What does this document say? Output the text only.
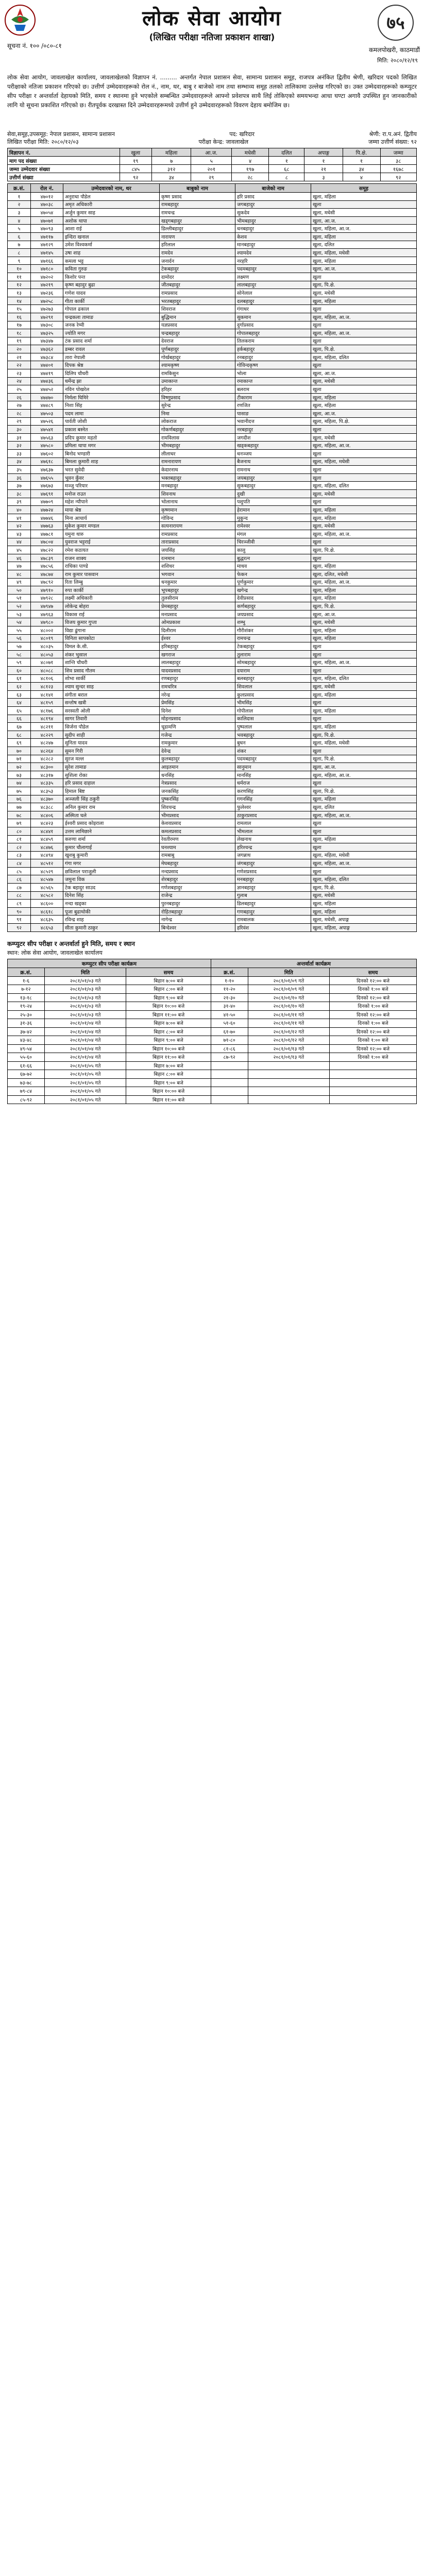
लोक सेवा आयोग
(लिखित परीक्षा नतिजा प्रकाशन शाखा)
सूचना नं. १०० /०८०-८१
७५
कमलपोखरी, काठमाडौं
मिति: २०८०/१२/१९
लोक सेवा आयोग, जावलाखेल कार्यालय, जावलाखेलको विज्ञापन नं. ......... अन्तर्गत नेपाल प्रशासन सेवा, सामान्य प्रशासन समूह, राजपत्र अनंकित द्वितीय श्रेणी, खरिदार पदको लिखित परीक्षाको नतिजा प्रकाशन गरिएको छ। उत्तीर्ण उम्मेदवारहरूको रोल नं., नाम, थर, बाबु र बाजेको नाम तथा सम्भाव्य समूह तलको तालिकामा उल्लेख गरिएको छ। उक्त उम्मेदवारहरूको कम्प्युटर सीप परीक्षा र अन्तर्वार्ता देहायको मिति, समय र स्थानमा हुने भएकोले सम्बन्धित उम्मेदवारहरूले आफ्नो प्रवेशपत्र साथै लिई तोकिएको समयभन्दा आधा घण्टा अगावै उपस्थित हुन जानकारीको लागि यो सूचना प्रकाशित गरिएको छ। रीतपूर्वक दरखास्त दिने उम्मेदवारहरूमध्ये उत्तीर्ण हुने उम्मेदवारहरूको विवरण देहाय बमोजिम छ।
सेवा,समूह,उपसमूह: नेपाल प्रशासन, सामान्य प्रशासन	पद: खरिदार	श्रेणी: रा.प.अनं. द्वितीय
लिखित परीक्षा मिति: २०८०/१२/०३	परीक्षा केन्द्र: जावलाखेल	जम्मा उत्तीर्ण संख्या: ९२
विज्ञापन नं.	खुला	महिला	आ.ज.	मधेसी	दलित	अपाङ्ग	पि.क्षे.	जम्मा
माग पद संख्या	१९	७	५	४	१	१	१	३८
जम्मा उम्मेदवार संख्या	८४५	३१२	२०१	१९७	६८	२१	३४	१६७८
उत्तीर्ण संख्या	९२	३४	२९	२८	८	३	४	९२
क्र.सं.	रोल नं.	उम्मेदवारको नाम, थर	बाबुको नाम	बाजेको नाम	समूह
१	४७०१२	अनुराधा पौडेल	कृष्ण प्रसाद	हरि प्रसाद	खुला, महिला
२	४७०३८	अमृत अधिकारी	रामबहादुर	जगबहादुर	खुला
३	४७०५४	अर्जुन कुमार साह	रामचन्द्र	सुकदेव	खुला, मधेसी
४	४७०७१	अशोक थापा	खड्गबहादुर	भीमबहादुर	खुला, आ.ज.
५	४७०९३	आशा राई	डिल्लीबहादुर	धनबहादुर	खुला, महिला, आ.ज.
६	४७११७	इन्दिरा खनाल	नारायण	केशव	खुला, महिला
७	४७१२९	उमेश विश्वकर्मा	हरिलाल	मानबहादुर	खुला, दलित
८	४७१४५	उषा शाह	रामदेव	श्यामदेव	खुला, महिला, मधेसी
९	४७१६६	कमला भट्ट	जनार्दन	नरहरि	खुला, महिला
१०	४७१८०	कविता गुरुङ	टेकबहादुर	पदमबहादुर	खुला, आ.ज.
११	४७२०२	किशोर पन्त	दामोदर	लक्ष्मण	खुला
१२	४७२१९	कृष्ण बहादुर बुढा	जीतबहादुर	लालबहादुर	खुला, पि.क्षे.
१३	४७२३६	गणेश यादव	रामप्रसाद	सोनेलाल	खुला, मधेसी
१४	४७२५८	गीता कार्की	भरतबहादुर	दलबहादुर	खुला, महिला
१५	४७२७३	गोपाल ढकाल	शिवराज	गंगाधर	खुला
१६	४७२९१	चन्द्रकला तामाङ	बुद्धिमान	सुकमान	खुला, महिला, आ.ज.
१७	४७३०८	जनक रेग्मी	यज्ञप्रसाद	दुर्गाप्रसाद	खुला
१८	४७३२५	ज्योति मगर	चन्द्रबहादुर	गोपालबहादुर	खुला, महिला, आ.ज.
१९	४७३४७	टंक प्रसाद शर्मा	देवराज	तिलकराम	खुला
२०	४७३६२	डम्बर रावल	पूर्णबहादुर	हर्कबहादुर	खुला, पि.क्षे.
२१	४७३८४	तारा नेपाली	गोर्खबहादुर	रनबहादुर	खुला, महिला, दलित
२२	४७४०१	दिपक श्रेष्ठ	श्यामकृष्ण	गोविन्दकृष्ण	खुला
२३	४७४१९	दिलिप चौधरी	रामकिसुन	भोला	खुला, आ.ज.
२४	४७४३६	धर्मेन्द्र झा	उमाकान्त	रमाकान्त	खुला, मधेसी
२५	४७४५२	नविन पोखरेल	हरिहर	बलराम	खुला
२६	४७४७०	निर्मला घिमिरे	विष्णुप्रसाद	टीकाराम	खुला, महिला
२७	४७४८९	निशा सिंह	सुरेन्द्र	रणजित	खुला, महिला
२८	४७५०३	पदम लामा	निमा	पासाङ	खुला, आ.ज.
२९	४७५२६	पार्वती जोशी	लोकराज	भवानीदत्त	खुला, महिला, पि.क्षे.
३०	४७५४१	प्रकाश बस्नेत	गोकर्णबहादुर	नरबहादुर	खुला
३१	४७५६३	प्रदिप कुमार महतो	रामविलास	जगदीश	खुला, मधेसी
३२	४७५८०	प्रमिला थापा मगर	भीमबहादुर	खड्कबहादुर	खुला, महिला, आ.ज.
३३	४७६०२	बिनोद भण्डारी	लीलाधर	धनञ्जय	खुला
३४	४७६१८	बिमला कुमारी शाह	रामनारायण	बैजनाथ	खुला, महिला, मधेसी
३५	४७६३७	भरत सुवेदी	केदारनाथ	रामनाथ	खुला
३६	४७६५५	भुवन कुँवर	भक्तबहादुर	जयबहादुर	खुला
३७	४७६७३	मञ्जु परियार	मनबहादुर	सुकबहादुर	खुला, महिला, दलित
३८	४७६९१	मनोज राउत	शिवनाथ	दुखी	खुला, मधेसी
३९	४७७०९	महेश न्यौपाने	भोलानाथ	पशुपति	खुला
४०	४७७२४	माया श्रेष्ठ	कृष्णमान	हेरामान	खुला, महिला
४१	४७७४६	मिना आचार्य	गोविन्द	मुकुन्द	खुला, महिला
४२	४७७६३	मुकेश कुमार मण्डल	सत्यनारायण	रामेश्वर	खुला, मधेसी
४३	४७७८१	यमुना थारु	रामप्रसाद	मंगल	खुला, महिला, आ.ज.
४४	४७८०४	युवराज भट्टराई	ताराप्रसाद	चिरञ्जीवी	खुला
४५	४७८२२	रमेश कठायत	जयसिंह	कालु	खुला, पि.क्षे.
४६	४७८३९	राजन शाक्य	रत्नमान	बुद्धरत्न	खुला
४७	४७८५६	राधिका पाण्डे	शशिधर	माधव	खुला, महिला
४८	४७८७४	राम कुमार पासवान	भगवान	फेकन	खुला, दलित, मधेसी
४९	४७८९२	रिता लिम्बु	धनकुमार	पूर्णकुमार	खुला, महिला, आ.ज.
५०	४७९१०	रुपा कार्की	भूपबहादुर	खगेन्द्र	खुला, महिला
५१	४७९२८	लक्ष्मी अधिकारी	तुलसीराम	देवीप्रसाद	खुला, महिला
५२	४७९४७	लोकेन्द्र बोहरा	प्रेमबहादुर	कर्णबहादुर	खुला, पि.क्षे.
५३	४७९६३	विकास राई	मनप्रसाद	जयप्रसाद	खुला, आ.ज.
५४	४७९८०	विजय कुमार गुप्ता	ओमप्रकाश	शम्भु	खुला, मधेसी
५५	४८००२	विद्या ढुंगाना	दिलीराम	गौरीशंकर	खुला, महिला
५६	४८०१९	विनिता सापकोटा	ईश्वर	रामचन्द्र	खुला, महिला
५७	४८०३५	विमल के.सी.	हरिबहादुर	टेकबहादुर	खुला
५८	४८०५३	शंकर भुसाल	खगराज	तुलाराम	खुला
५९	४८०७१	शान्ति चौधरी	लालबहादुर	सोमबहादुर	खुला, महिला, आ.ज.
६०	४८०८८	शिव प्रसाद गौतम	यादवप्रसाद	दयाराम	खुला
६१	४८१०६	शोभा सार्की	रणबहादुर	बलबहादुर	खुला, महिला, दलित
६२	४८१२३	श्याम सुन्दर साह	रामचरित्र	शिवलाल	खुला, मधेसी
६३	४८१४१	संगीता बराल	नरेन्द्र	कुलप्रसाद	खुला, महिला
६४	४८१५९	सन्तोष खत्री	प्रेमसिंह	भीमसिंह	खुला
६५	४८१७६	सरस्वती ओली	दिनेश	गोपीलाल	खुला, महिला
६६	४८१९४	सागर तिवारी	मोहनप्रसाद	कालिदास	खुला
६७	४८२११	सिर्जना पौडेल	चूडामणि	पुष्पलाल	खुला, महिला
६८	४८२२९	सुदीप शाही	गजेन्द्र	भवबहादुर	खुला, पि.क्षे.
६९	४८२४७	सुनिता यादव	रामकुमार	बुधन	खुला, महिला, मधेसी
७०	४८२६४	सुमन गिरी	देवेन्द्र	शंकर	खुला
७१	४८२८२	सुरज मल्ल	कुलबहादुर	पदमबहादुर	खुला, पि.क्षे.
७२	४८३००	सुरेश तामाङ	आइतमान	सानुमान	खुला, आ.ज.
७३	४८३१७	सुशिला रोका	धनसिंह	मानसिंह	खुला, महिला, आ.ज.
७४	४८३३५	हरि प्रसाद दाहाल	नेत्रप्रसाद	धर्मराज	खुला
७५	४८३५३	हिमाल बिष्ट	जनकसिंह	करणसिंह	खुला, पि.क्षे.
७६	४८३७०	अञ्जली सिंह ठकुरी	पुष्करसिंह	गगनसिंह	खुला, महिला
७७	४८३८८	अनिल कुमार राम	शिवचन्द्र	फुलेश्वर	खुला, दलित
७८	४८४०६	अस्मिता घले	भीमप्रसाद	ठाकुरप्रसाद	खुला, महिला, आ.ज.
७९	४८४२३	ईश्वरी प्रसाद कोइराला	केशवप्रसाद	रामलाल	खुला
८०	४८४४१	उत्तम लामिछाने	कमलप्रसाद	भीमलाल	खुला
८१	४८४५९	करुणा शर्मा	रेवतीरमण	लेखनाथ	खुला, महिला
८२	४८४७६	कुमार चौलागाईं	घनश्याम	हरिश्चन्द्र	खुला
८३	४८४९४	खुशबु कुमारी	रामबाबु	जगन्नाथ	खुला, महिला, मधेसी
८४	४८५१२	गंगा मगर	मेघबहादुर	जंगबहादुर	खुला, महिला, आ.ज.
८५	४८५२९	छविलाल पराजुली	नन्दप्रसाद	गणेशप्रसाद	खुला
८६	४८५४७	जमुना विक	शेरबहादुर	मनबहादुर	खुला, महिला, दलित
८७	४८५६५	टेक बहादुर साउद	गणेशबहादुर	ज्ञानबहादुर	खुला, पि.क्षे.
८८	४८५८२	दिनेश सिंह	राजेन्द्र	गुलाब	खुला, मधेसी
८९	४८६००	नन्दा खड्का	पुरनबहादुर	डिलबहादुर	खुला, महिला
९०	४८६१८	पूजा बुढाथोकी	रोहितबहादुर	गणबहादुर	खुला, महिला
९१	४८६३५	रविन्द्र शाह	नागेन्द्र	रामबालक	खुला, मधेसी, अपाङ्ग
९२	४८६५३	सीता कुमारी ठाकुर	बिन्देश्वर	हरिवंश	खुला, महिला, अपाङ्ग
कम्प्युटर सीप परीक्षा र अन्तर्वार्ता हुने मिति, समय र स्थान
स्थान: लोक सेवा आयोग, जावलाखेल कार्यालय
कम्प्युटर सीप परीक्षा कार्यक्रम			अन्तर्वार्ता कार्यक्रम		
क्र.सं.	मिति	समय	क्र.सं.	मिति	समय
१-६	२०८१/०१/०३ गते	बिहान ७:०० बजे	१-१०	२०८१/०१/०९ गते	दिनको १२:०० बजे
७-१२	२०८१/०१/०३ गते	बिहान ८:०० बजे	११-२०	२०८१/०१/०९ गते	दिनको १:०० बजे
१३-१८	२०८१/०१/०३ गते	बिहान ९:०० बजे	२१-३०	२०८१/०१/१० गते	दिनको १२:०० बजे
१९-२४	२०८१/०१/०३ गते	बिहान १०:०० बजे	३१-४०	२०८१/०१/१० गते	दिनको १:०० बजे
२५-३०	२०८१/०१/०३ गते	बिहान ११:०० बजे	४१-५०	२०८१/०१/११ गते	दिनको १२:०० बजे
३१-३६	२०८१/०१/०४ गते	बिहान ७:०० बजे	५१-६०	२०८१/०१/११ गते	दिनको १:०० बजे
३७-४२	२०८१/०१/०४ गते	बिहान ८:०० बजे	६१-७०	२०८१/०१/१२ गते	दिनको १२:०० बजे
४३-४८	२०८१/०१/०४ गते	बिहान ९:०० बजे	७१-८०	२०८१/०१/१२ गते	दिनको १:०० बजे
४९-५४	२०८१/०१/०४ गते	बिहान १०:०० बजे	८१-८६	२०८१/०१/१३ गते	दिनको १२:०० बजे
५५-६०	२०८१/०१/०४ गते	बिहान ११:०० बजे	८७-९२	२०८१/०१/१३ गते	दिनको १:०० बजे
६१-६६	२०८१/०१/०५ गते	बिहान ७:०० बजे			
६७-७२	२०८१/०१/०५ गते	बिहान ८:०० बजे			
७३-७८	२०८१/०१/०५ गते	बिहान ९:०० बजे			
७९-८४	२०८१/०१/०५ गते	बिहान १०:०० बजे			
८५-९२	२०८१/०१/०५ गते	बिहान ११:०० बजे			
